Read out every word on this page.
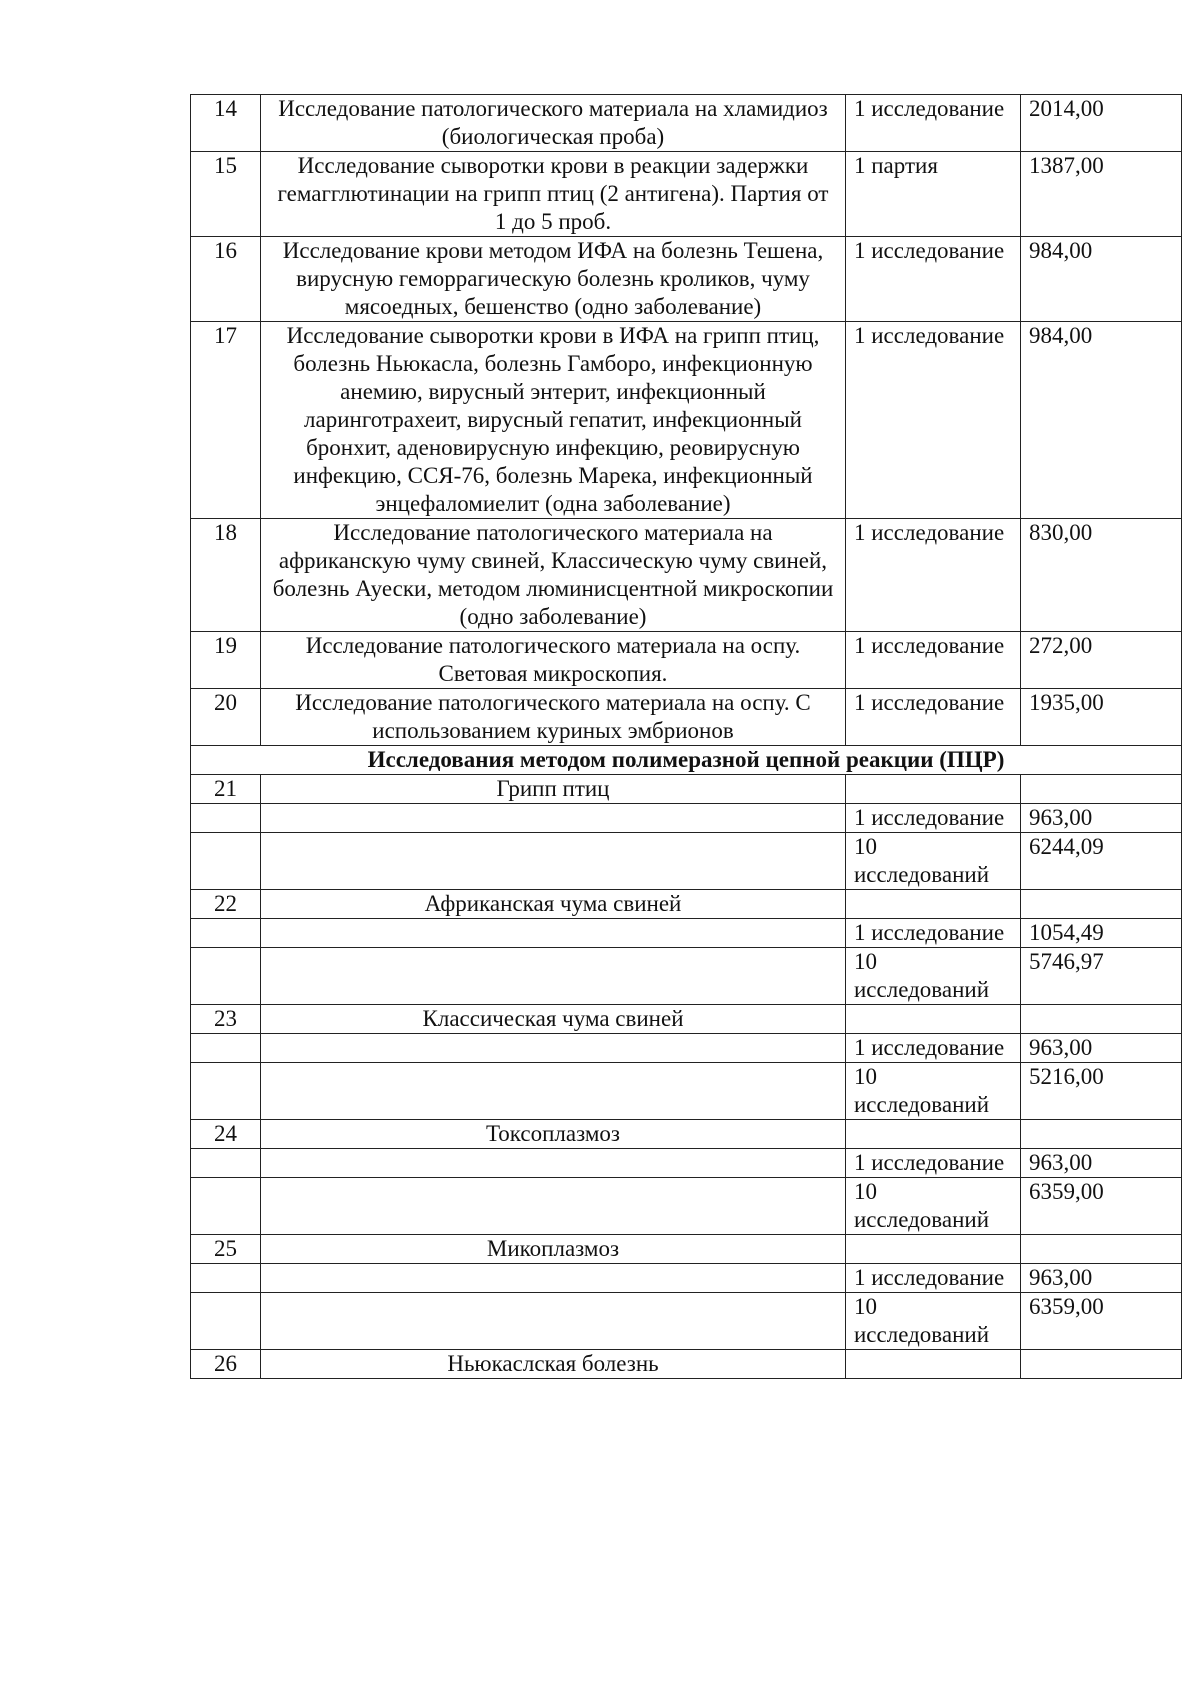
14	Исследование патологического материала на хламидиоз (биологическая проба)	1 исследование	2014,00
15	Исследование сыворотки крови в реакции задержки гемагглютинации на грипп птиц (2 антигена). Партия от 1 до 5 проб.	1 партия	1387,00
16	Исследование крови методом ИФА на болезнь Тешена, вирусную геморрагическую болезнь кроликов, чуму мясоедных, бешенство (одно заболевание)	1 исследование	984,00
17	Исследование сыворотки крови в ИФА на грипп птиц, болезнь Ньюкасла, болезнь Гамборо, инфекционную анемию, вирусный энтерит, инфекционный ларинготрахеит, вирусный гепатит, инфекционный бронхит, аденовирусную инфекцию, реовирусную инфекцию, ССЯ-76, болезнь Марека, инфекционный энцефаломиелит (одна заболевание)	1 исследование	984,00
18	Исследование патологического материала на африканскую чуму свиней, Классическую чуму свиней, болезнь Ауески, методом люминисцентной микроскопии (одно заболевание)	1 исследование	830,00
19	Исследование патологического материала на оспу. Световая микроскопия.	1 исследование	272,00
20	Исследование патологического материала на оспу. С использованием куриных эмбрионов	1 исследование	1935,00
Исследования методом полимеразной цепной реакции (ПЦР)			
21	Грипп птиц		
		1 исследование	963,00
		10 исследований	6244,09
22	Африканская чума свиней		
		1 исследование	1054,49
		10 исследований	5746,97
23	Классическая чума свиней		
		1 исследование	963,00
		10 исследований	5216,00
24	Токсоплазмоз		
		1 исследование	963,00
		10 исследований	6359,00
25	Микоплазмоз		
		1 исследование	963,00
		10 исследований	6359,00
26	Ньюкаслская болезнь		
